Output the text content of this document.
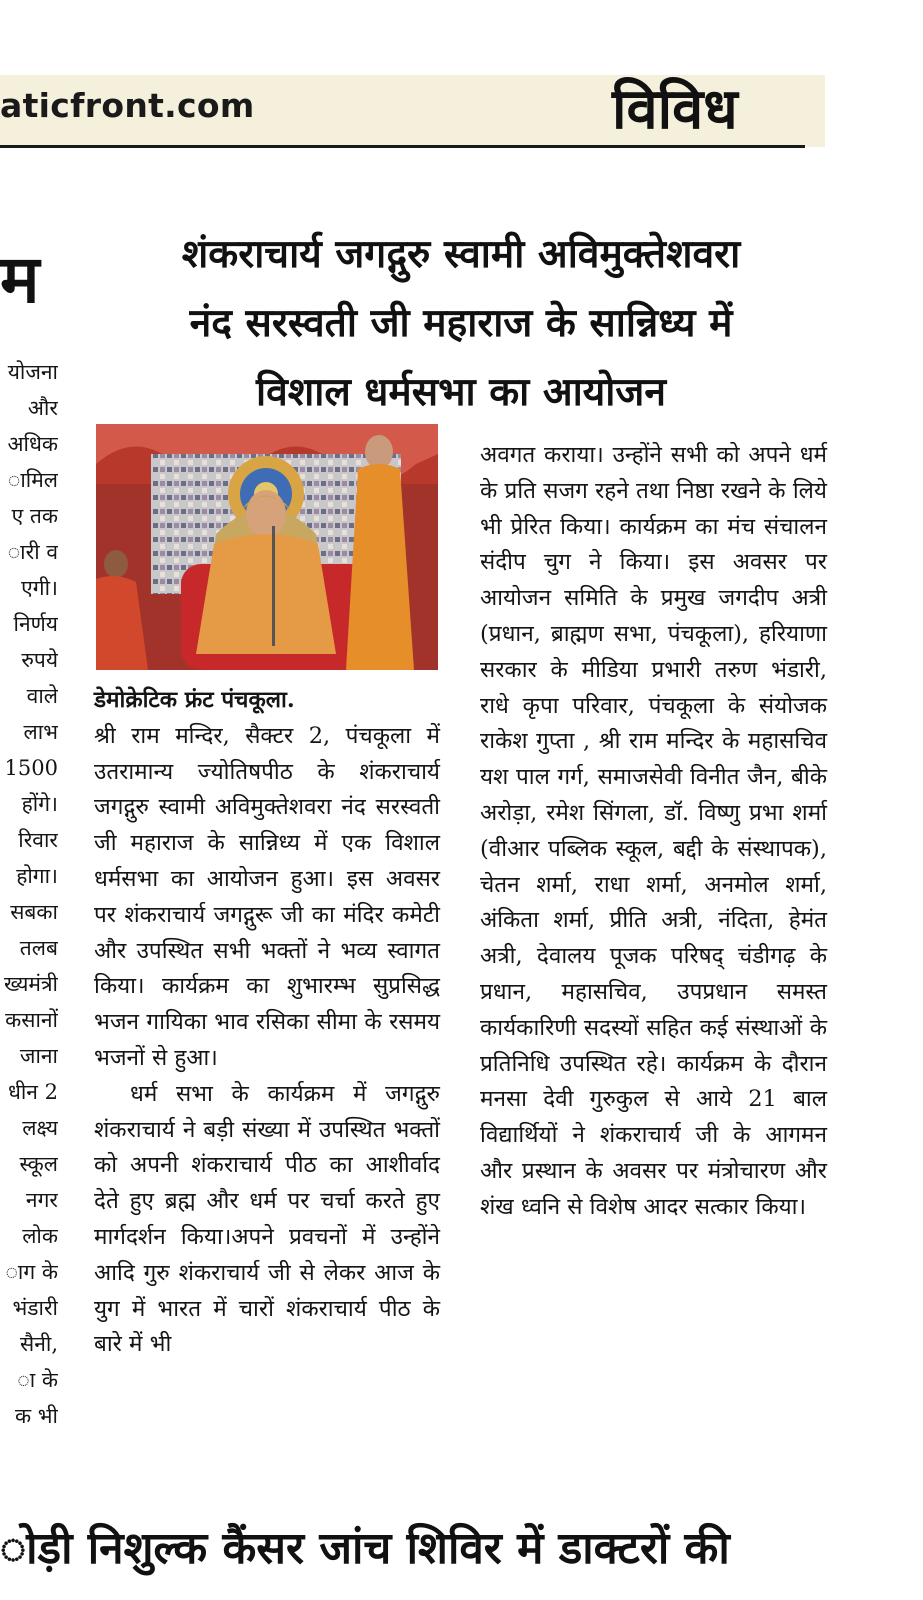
aticfront.com	विविध
म
योजना
और
अधिक
ामिल
ए तक
ारी व
एगी।
निर्णय
रुपये
वाले
लाभ
1500
होंगे।
रिवार
होगा।
सबका
तलब
ख्यमंत्री
कसानों
जाना
धीन 2
लक्ष्य
स्कूल
नगर
लोक
ाग के
भंडारी
सैनी,
ा के
क भी
शंकराचार्य जगद्गुरु स्वामी अविमुक्तेशवरा
नंद सरस्वती जी महाराज के सान्निध्य में
विशाल धर्मसभा का आयोजन

डेमोक्रेटिक फ्रंट पंचकूला.
श्री राम मन्दिर, सैक्टर 2, पंचकूला में उतरामान्य ज्योतिषपीठ के शंकराचार्य जगद्गुरु स्वामी अविमुक्तेशवरा नंद सरस्वती जी महाराज के सान्निध्य में एक विशाल धर्मसभा का आयोजन हुआ। इस अवसर पर शंकराचार्य जगद्गुरू जी का मंदिर कमेटी और उपस्थित सभी भक्तों ने भव्य स्वागत किया। कार्यक्रम का शुभारम्भ सुप्रसिद्ध भजन गायिका भाव रसिका सीमा के रसमय भजनों से हुआ।

धर्म सभा के कार्यक्रम में जगद्गुरु शंकराचार्य ने बड़ी संख्या में उपस्थित भक्तों को अपनी शंकराचार्य पीठ का आशीर्वाद देते हुए ब्रह्म और धर्म पर चर्चा करते हुए मार्गदर्शन किया।अपने प्रवचनों में उन्होंने आदि गुरु शंकराचार्य जी से लेकर आज के युग में भारत में चारों शंकराचार्य पीठ के बारे में भी

अवगत कराया। उन्होंने सभी को अपने धर्म के प्रति सजग रहने तथा निष्ठा रखने के लिये भी प्रेरित किया। कार्यक्रम का मंच संचालन संदीप चुग ने किया। इस अवसर पर आयोजन समिति के प्रमुख जगदीप अत्री (प्रधान, ब्राह्मण सभा, पंचकूला), हरियाणा सरकार के मीडिया प्रभारी तरुण भंडारी, राधे कृपा परिवार, पंचकूला के संयोजक राकेश गुप्ता , श्री राम मन्दिर के महासचिव यश पाल गर्ग, समाजसेवी विनीत जैन, बीके अरोड़ा, रमेश सिंगला, डॉ. विष्णु प्रभा शर्मा (वीआर पब्लिक स्कूल, बद्दी के संस्थापक), चेतन शर्मा, राधा शर्मा, अनमोल शर्मा, अंकिता शर्मा, प्रीति अत्री, नंदिता, हेमंत अत्री, देवालय पूजक परिषद् चंडीगढ़ के प्रधान, महासचिव, उपप्रधान समस्त कार्यकारिणी सदस्यों सहित कई संस्थाओं के प्रतिनिधि उपस्थित रहे। कार्यक्रम के दौरान मनसा देवी गुरुकुल से आये 21 बाल विद्यार्थियों ने शंकराचार्य जी के आगमन और प्रस्थान के अवसर पर मंत्रोचारण और शंख ध्वनि से विशेष आदर सत्कार किया।

ोड़ी निशुल्क कैंसर जांच शिविर में डाक्टरों की
